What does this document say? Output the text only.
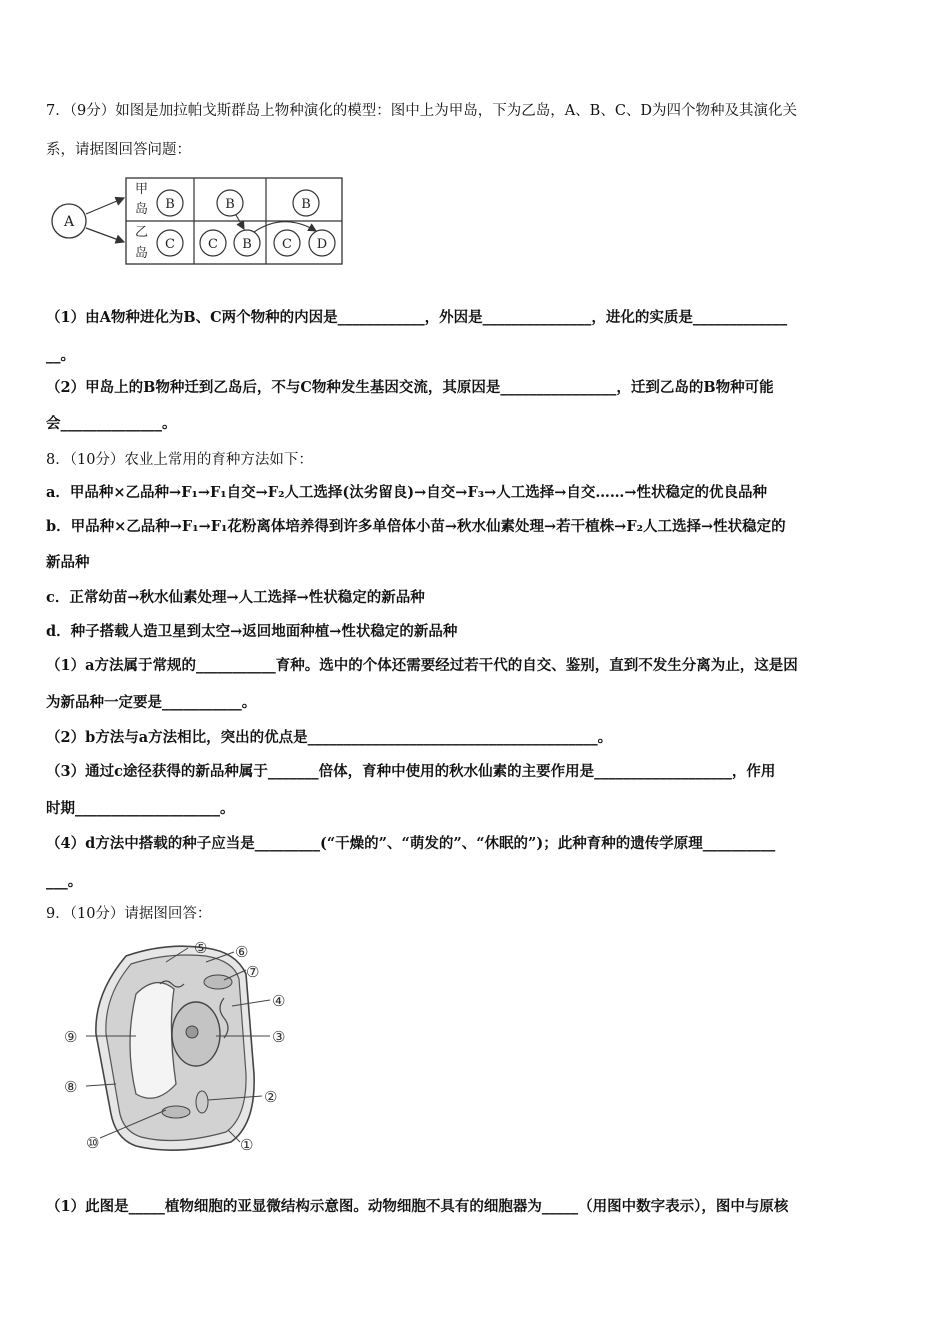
7．（9分）如图是加拉帕戈斯群岛上物种演化的模型：图中上为甲岛，下为乙岛，A、B、C、D为四个物种及其演化关
系，请据图回答问题：
A
甲
岛
乙
岛
B	B	B
C	C B C D
（1）由A物种进化为B、C两个物种的内因是____________，外因是_______________，进化的实质是_____________
__。
（2）甲岛上的B物种迁到乙岛后，不与C物种发生基因交流，其原因是________________，迁到乙岛的B物种可能
会______________。
8．（10分）农业上常用的育种方法如下：
a．甲品种×乙品种→F₁→F₁自交→F₂人工选择(汰劣留良)→自交→F₃→人工选择→自交……→性状稳定的优良品种
b．甲品种×乙品种→F₁→F₁花粉离体培养得到许多单倍体小苗→秋水仙素处理→若干植株→F₂人工选择→性状稳定的
新品种
c．正常幼苗→秋水仙素处理→人工选择→性状稳定的新品种
d．种子搭载人造卫星到太空→返回地面种植→性状稳定的新品种
（1）a方法属于常规的___________育种。选中的个体还需要经过若干代的自交、鉴别，直到不发生分离为止，这是因
为新品种一定要是___________。
（2）b方法与a方法相比，突出的优点是________________________________________。
（3）通过c途径获得的新品种属于_______倍体，育种中使用的秋水仙素的主要作用是___________________，作用
时期____________________。
（4）d方法中搭载的种子应当是_________(“干燥的”、“萌发的”、“休眠的”)；此种育种的遗传学原理__________
___。
9．（10分）请据图回答：
⑤ ⑥
⑦
④
③
⑨
⑧
②
⑩	①
（1）此图是_____植物细胞的亚显微结构示意图。动物细胞不具有的细胞器为_____（用图中数字表示），图中与原核
